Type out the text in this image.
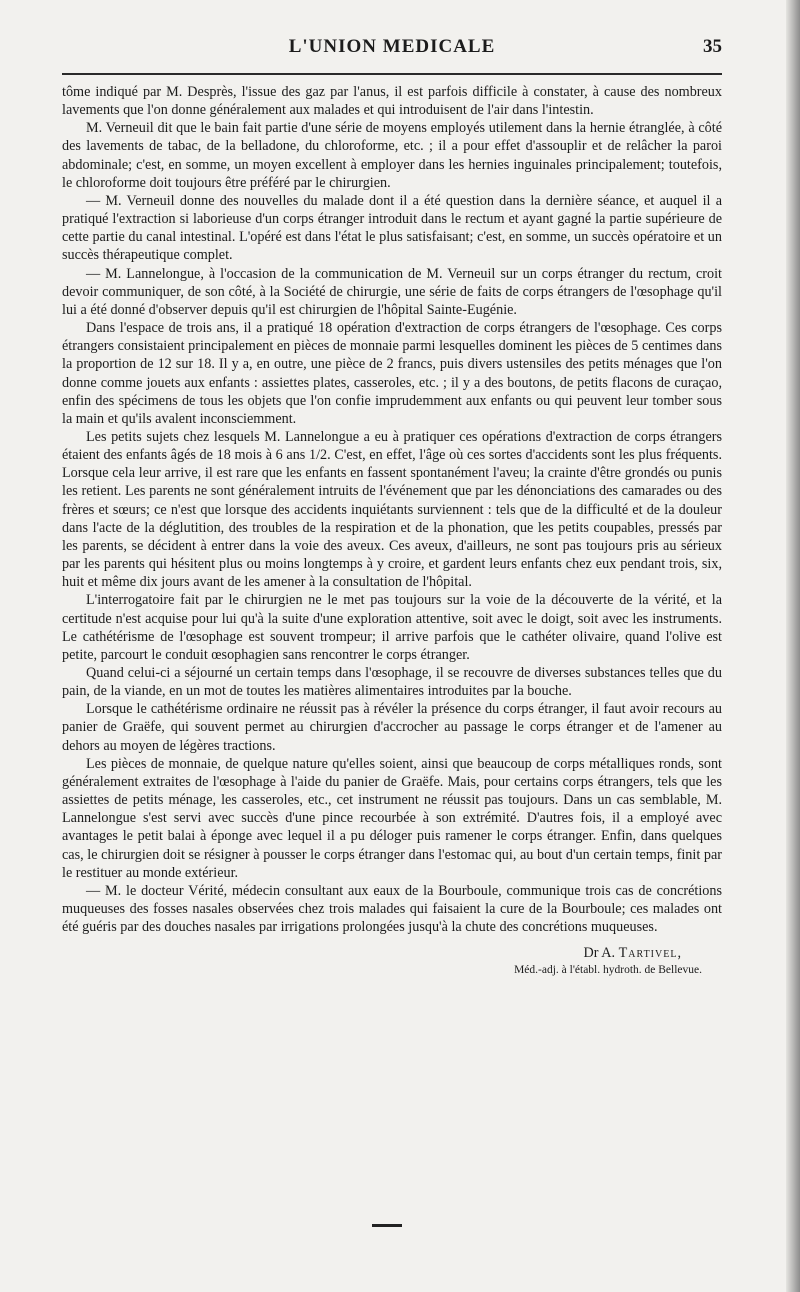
L'UNION MEDICALE	35

tôme indiqué par M. Desprès, l'issue des gaz par l'anus, il est parfois difficile à constater, à cause des nombreux lavements que l'on donne généralement aux malades et qui introduisent de l'air dans l'intestin.

M. Verneuil dit que le bain fait partie d'une série de moyens employés utilement dans la hernie étranglée, à côté des lavements de tabac, de la belladone, du chloroforme, etc. ; il a pour effet d'assouplir et de relâcher la paroi abdominale; c'est, en somme, un moyen excellent à employer dans les hernies inguinales principalement; toutefois, le chloroforme doit toujours être préféré par le chirurgien.

— M. Verneuil donne des nouvelles du malade dont il a été question dans la dernière séance, et auquel il a pratiqué l'extraction si laborieuse d'un corps étranger introduit dans le rectum et ayant gagné la partie supérieure de cette partie du canal intestinal. L'opéré est dans l'état le plus satisfaisant; c'est, en somme, un succès opératoire et un succès thérapeutique complet.

— M. Lannelongue, à l'occasion de la communication de M. Verneuil sur un corps étranger du rectum, croit devoir communiquer, de son côté, à la Société de chirurgie, une série de faits de corps étrangers de l'œsophage qu'il lui a été donné d'observer depuis qu'il est chirurgien de l'hôpital Sainte-Eugénie.

Dans l'espace de trois ans, il a pratiqué 18 opération d'extraction de corps étrangers de l'œsophage. Ces corps étrangers consistaient principalement en pièces de monnaie parmi lesquelles dominent les pièces de 5 centimes dans la proportion de 12 sur 18. Il y a, en outre, une pièce de 2 francs, puis divers ustensiles des petits ménages que l'on donne comme jouets aux enfants : assiettes plates, casseroles, etc. ; il y a des boutons, de petits flacons de curaçao, enfin des spécimens de tous les objets que l'on confie imprudemment aux enfants ou qui peuvent leur tomber sous la main et qu'ils avalent inconsciemment.

Les petits sujets chez lesquels M. Lannelongue a eu à pratiquer ces opérations d'extraction de corps étrangers étaient des enfants âgés de 18 mois à 6 ans 1/2. C'est, en effet, l'âge où ces sortes d'accidents sont les plus fréquents. Lorsque cela leur arrive, il est rare que les enfants en fassent spontanément l'aveu; la crainte d'être grondés ou punis les retient. Les parents ne sont généralement intruits de l'événement que par les dénonciations des camarades ou des frères et sœurs; ce n'est que lorsque des accidents inquiétants surviennent : tels que de la difficulté et de la douleur dans l'acte de la déglutition, des troubles de la respiration et de la phonation, que les petits coupables, pressés par les parents, se décident à entrer dans la voie des aveux. Ces aveux, d'ailleurs, ne sont pas toujours pris au sérieux par les parents qui hésitent plus ou moins longtemps à y croire, et gardent leurs enfants chez eux pendant trois, six, huit et même dix jours avant de les amener à la consultation de l'hôpital.

L'interrogatoire fait par le chirurgien ne le met pas toujours sur la voie de la découverte de la vérité, et la certitude n'est acquise pour lui qu'à la suite d'une exploration attentive, soit avec le doigt, soit avec les instruments. Le cathétérisme de l'œsophage est souvent trompeur; il arrive parfois que le cathéter olivaire, quand l'olive est petite, parcourt le conduit œsophagien sans rencontrer le corps étranger.

Quand celui-ci a séjourné un certain temps dans l'œsophage, il se recouvre de diverses substances telles que du pain, de la viande, en un mot de toutes les matières alimentaires introduites par la bouche.

Lorsque le cathétérisme ordinaire ne réussit pas à révéler la présence du corps étranger, il faut avoir recours au panier de Graëfe, qui souvent permet au chirurgien d'accrocher au passage le corps étranger et de l'amener au dehors au moyen de légères tractions.

Les pièces de monnaie, de quelque nature qu'elles soient, ainsi que beaucoup de corps métalliques ronds, sont généralement extraites de l'œsophage à l'aide du panier de Graëfe. Mais, pour certains corps étrangers, tels que les assiettes de petits ménage, les casseroles, etc., cet instrument ne réussit pas toujours. Dans un cas semblable, M. Lannelongue s'est servi avec succès d'une pince recourbée à son extrémité. D'autres fois, il a employé avec avantages le petit balai à éponge avec lequel il a pu déloger puis ramener le corps étranger. Enfin, dans quelques cas, le chirurgien doit se résigner à pousser le corps étranger dans l'estomac qui, au bout d'un certain temps, finit par le restituer au monde extérieur.

— M. le docteur Vérité, médecin consultant aux eaux de la Bourboule, communique trois cas de concrétions muqueuses des fosses nasales observées chez trois malades qui faisaient la cure de la Bourboule; ces malades ont été guéris par des douches nasales par irrigations prolongées jusqu'à la chute des concrétions muqueuses.

Dr A. Tartivel,
Méd.-adj. à l'établ. hydroth. de Bellevue.
